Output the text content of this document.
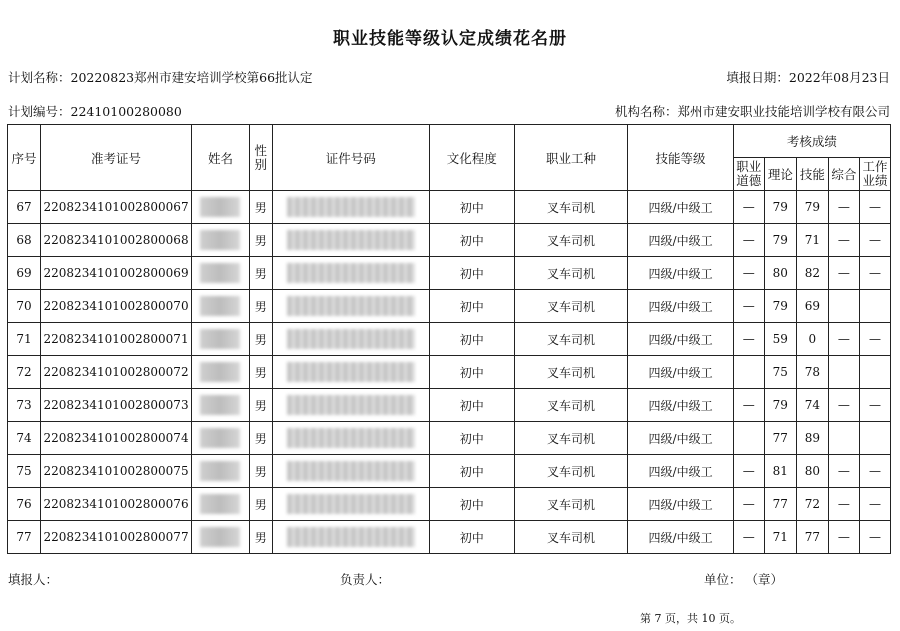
职业技能等级认定成绩花名册
计划名称：20220823郑州市建安培训学校第66批认定	填报日期：2022年08月23日
计划编号：22410100280080	机构名称：郑州市建安职业技能培训学校有限公司
序号	准考证号	姓名	性别	证件号码	文化程度	职业工种	技能等级	考核成绩				
								职业道德	理论	技能	综合	工作业绩
67	2208234101002800067		男		初中	叉车司机	四级/中级工	—	79	79	—	—
68	2208234101002800068		男		初中	叉车司机	四级/中级工	—	79	71	—	—
69	2208234101002800069		男		初中	叉车司机	四级/中级工	—	80	82	—	—
70	2208234101002800070		男		初中	叉车司机	四级/中级工	—	79	69		
71	2208234101002800071		男		初中	叉车司机	四级/中级工	—	59	0	—	—
72	2208234101002800072		男		初中	叉车司机	四级/中级工		75	78		
73	2208234101002800073		男		初中	叉车司机	四级/中级工	—	79	74	—	—
74	2208234101002800074		男		初中	叉车司机	四级/中级工		77	89		
75	2208234101002800075		男		初中	叉车司机	四级/中级工	—	81	80	—	—
76	2208234101002800076		男		初中	叉车司机	四级/中级工	—	77	72	—	—
77	2208234101002800077		男		初中	叉车司机	四级/中级工	—	71	77	—	—
填报人：	负责人：	单位： （章）
第 7 页，共 10 页。
